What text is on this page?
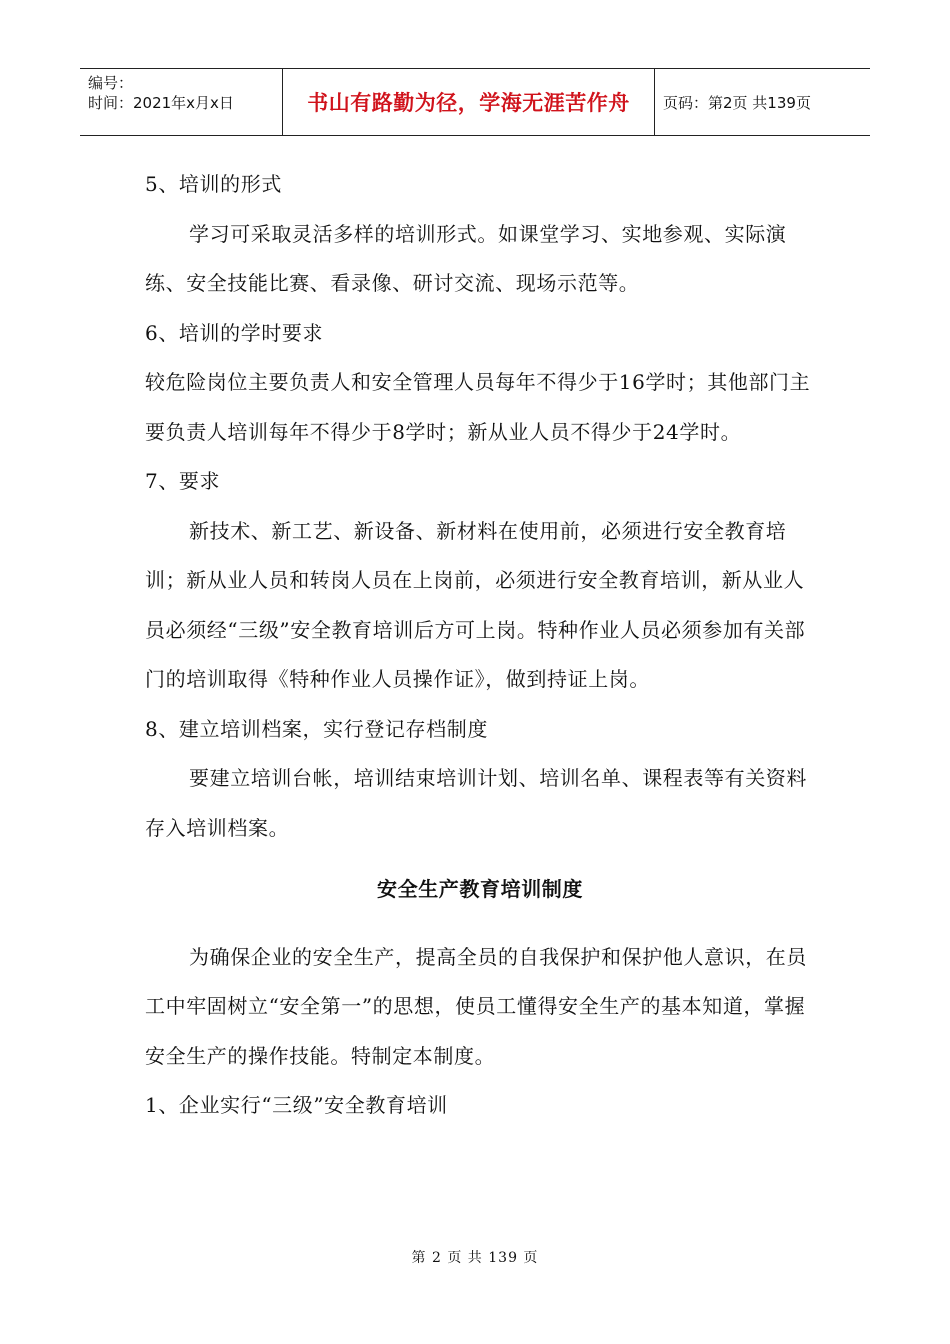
编号：
时间：2021年x月x日	书山有路勤为径，学海无涯苦作舟	页码：第2页 共139页

5、培训的形式

学习可采取灵活多样的培训形式。如课堂学习、实地参观、实际演练、安全技能比赛、看录像、研讨交流、现场示范等。

6、培训的学时要求

较危险岗位主要负责人和安全管理人员每年不得少于16学时；其他部门主要负责人培训每年不得少于8学时；新从业人员不得少于24学时。

7、要求

新技术、新工艺、新设备、新材料在使用前，必须进行安全教育培训；新从业人员和转岗人员在上岗前，必须进行安全教育培训，新从业人员必须经“三级”安全教育培训后方可上岗。特种作业人员必须参加有关部门的培训取得《特种作业人员操作证》，做到持证上岗。

8、建立培训档案，实行登记存档制度

要建立培训台帐，培训结束培训计划、培训名单、课程表等有关资料存入培训档案。

安全生产教育培训制度

为确保企业的安全生产，提高全员的自我保护和保护他人意识，在员工中牢固树立“安全第一”的思想，使员工懂得安全生产的基本知道，掌握安全生产的操作技能。特制定本制度。

1、企业实行“三级”安全教育培训

第 2 页 共 139 页
